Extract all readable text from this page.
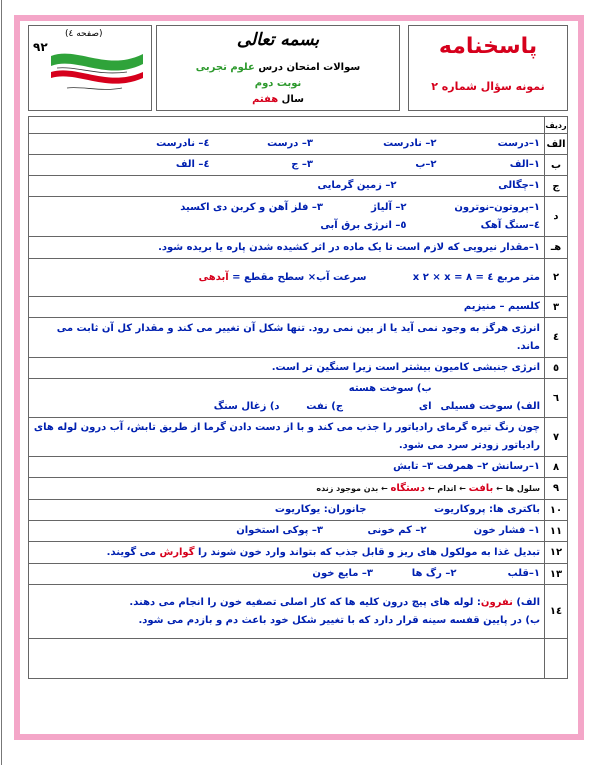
(صفحه ٤)
۹۲	بسمه تعالی
سوالات امتحان درس علوم تجربی
نوبت دوم
سال هفتم
پاسخنامه
نمونه سؤال شماره ۲
ردیف	
الف	۱–درست ۲– نادرست ۳– درست ٤– نادرست
ب	۱–الف ۲–ب ۳– ج ٤– الف
ج	۱–چگالی ۲– زمین گرمایی
د	۱–پروتون–نوترون ۲– آلیاژ ۳– فلز آهن و کربن دی اکسید
٤–سنگ آهک ٥– انرژی برق آبی

هـ	۱–مقدار نیرویی که لازم است تا یک ماده در اثر کشیده شدن پاره یا بریده شود.
۲	متر مربع ٤ = x ۲ × x = ۸ سرعت آب× سطح مقطع = آبدهی
۳	کلسیم – منیزیم
٤	انرژی هرگز به وجود نمی آید یا از بین نمی رود. تنها شکل آن تغییر می کند و مقدار کل آن ثابت می ماند.
٥	انرژی جنبشی کامیون بیشتر است زیرا سنگین تر است.
٦	الف) سوخت فسیلی ب) سوخت هسته ای ج) نفت د) زغال سنگ
۷	چون رنگ تیره گرمای رادیاتور را جذب می کند و با از دست دادن گرما از طریق تابش، آب درون لوله های رادیاتور زودتر سرد می شود.
۸	۱–رسانش ۲– همرفت ۳– تابش
۹	سلول ها ← بافت ← اندام ← دستگاه ← بدن موجود زنده
۱۰	باکتری ها: پروکاریوت جانوران: یوکاریوت
۱۱	۱– فشار خون ۲– کم خونی ۳– پوکی استخوان
۱۲	تبدیل غذا به مولکول های ریز و قابل جذب که بتواند وارد خون شوند را گوارش می گویند.
۱۳	۱–قلب ۲– رگ ها ۳– مایع خون
۱٤	الف) نفرون: لوله های پیچ درون کلیه ها که کار اصلی تصفیه خون را انجام می دهند.
ب) در پایین قفسه سینه قرار دارد که با تغییر شکل خود باعث دم و بازدم می شود.
